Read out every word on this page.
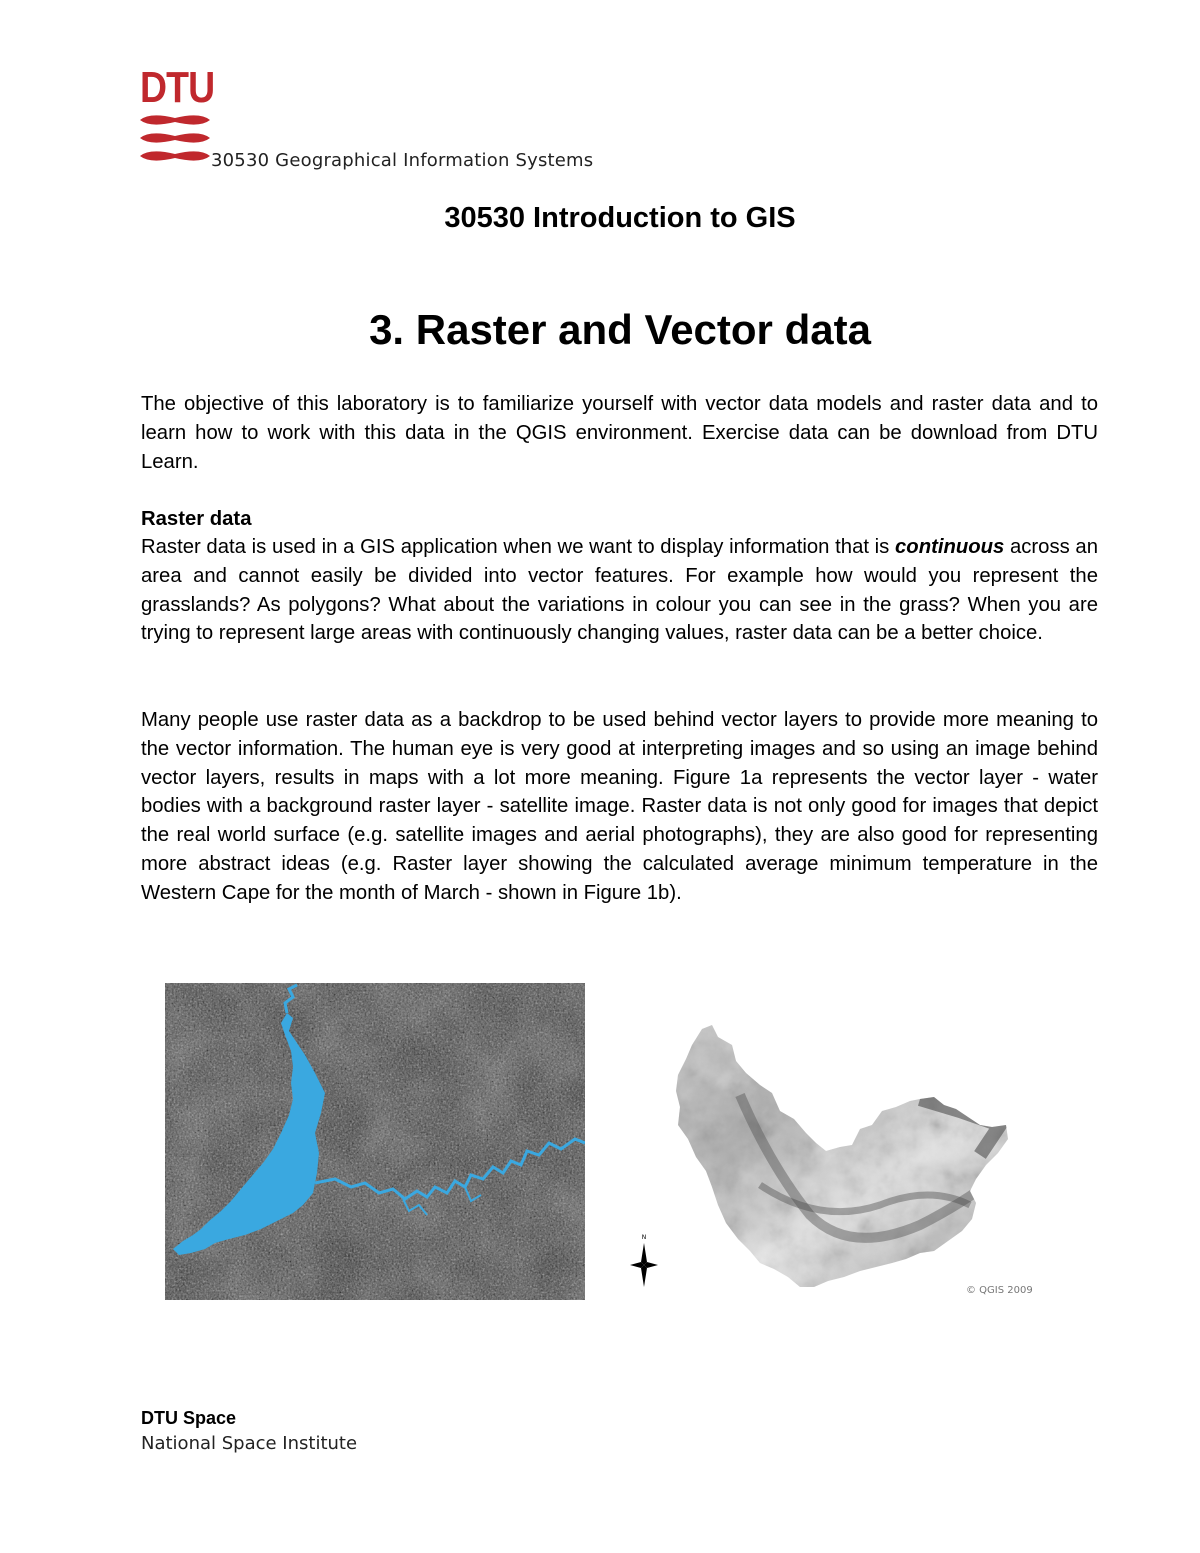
DTU
30530 Geographical Information Systems
30530 Introduction to GIS
3. Raster and Vector data
The objective of this laboratory is to familiarize yourself with vector data models and raster data and to learn how to work with this data in the QGIS environment. Exercise data can be download from DTU Learn.
Raster data
Raster data is used in a GIS application when we want to display information that is continuous across an area and cannot easily be divided into vector features. For example how would you represent the grasslands? As polygons? What about the variations in colour you can see in the grass? When you are trying to represent large areas with continuously changing values, raster data can be a better choice.
Many people use raster data as a backdrop to be used behind vector layers to provide more meaning to the vector information. The human eye is very good at interpreting images and so using an image behind vector layers, results in maps with a lot more meaning. Figure 1a represents the vector layer - water bodies with a background raster layer - satellite image. Raster data is not only good for images that depict the real world surface (e.g. satellite images and aerial photographs), they are also good for representing more abstract ideas (e.g. Raster layer showing the calculated average minimum temperature in the Western Cape for the month of March - shown in Figure 1b).
N
© QGIS 2009
DTU Space
National Space Institute
